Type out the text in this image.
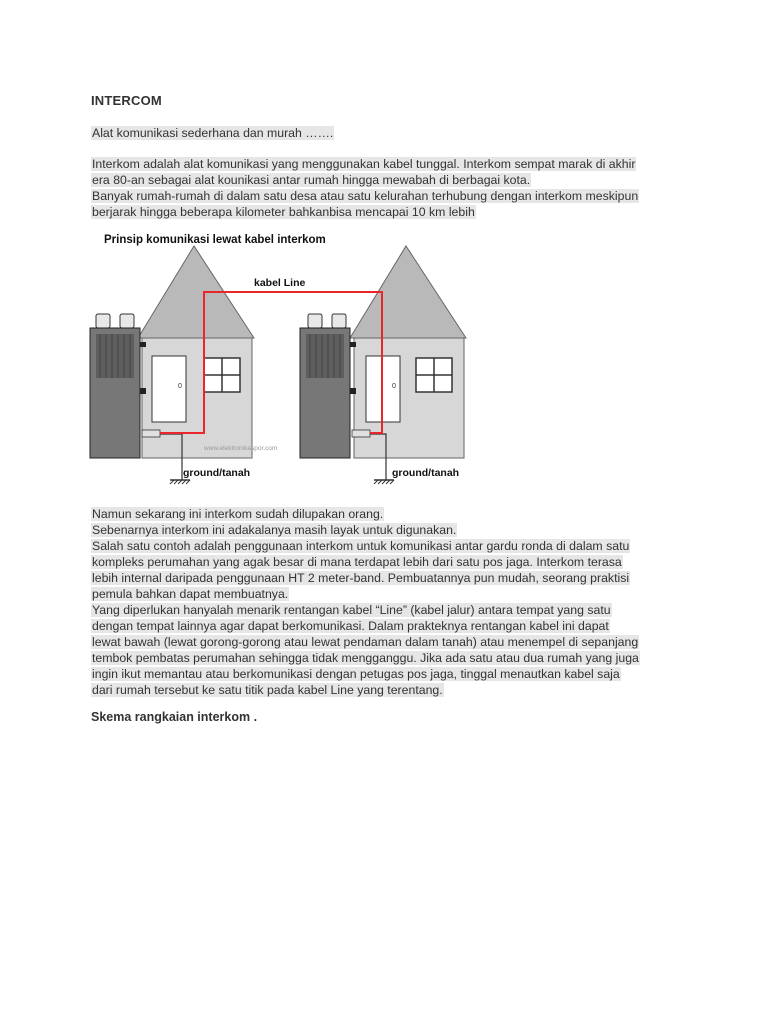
INTERCOM
Alat komunikasi sederhana dan murah …….
Interkom adalah alat komunikasi yang menggunakan kabel tunggal. Interkom sempat marak di akhir
era 80-an sebagai alat kounikasi antar rumah hingga mewabah di berbagai kota.
Banyak rumah-rumah di dalam satu desa atau satu kelurahan terhubung dengan interkom meskipun
berjarak hingga beberapa kilometer bahkanbisa mencapai 10 km lebih
Prinsip komunikasi lewat kabel interkom
0
ground/tanah
0
ground/tanah
kabel Line
www.elektronikaspor.com
Namun sekarang ini interkom sudah dilupakan orang.
Sebenarnya interkom ini adakalanya masih layak untuk digunakan.
Salah satu contoh adalah penggunaan interkom untuk komunikasi antar gardu ronda di dalam satu
kompleks perumahan yang agak besar di mana terdapat lebih dari satu pos jaga. Interkom terasa
lebih internal daripada penggunaan HT 2 meter-band. Pembuatannya pun mudah, seorang praktisi
pemula bahkan dapat membuatnya.
Yang diperlukan hanyalah menarik rentangan kabel “Line” (kabel jalur) antara tempat yang satu
dengan tempat lainnya agar dapat berkomunikasi. Dalam prakteknya rentangan kabel ini dapat
lewat bawah (lewat gorong-gorong atau lewat pendaman dalam tanah) atau menempel di sepanjang
tembok pembatas perumahan sehingga tidak mengganggu. Jika ada satu atau dua rumah yang juga
ingin ikut memantau atau berkomunikasi dengan petugas pos jaga, tinggal menautkan kabel saja
dari rumah tersebut ke satu titik pada kabel Line yang terentang.
Skema rangkaian interkom .
